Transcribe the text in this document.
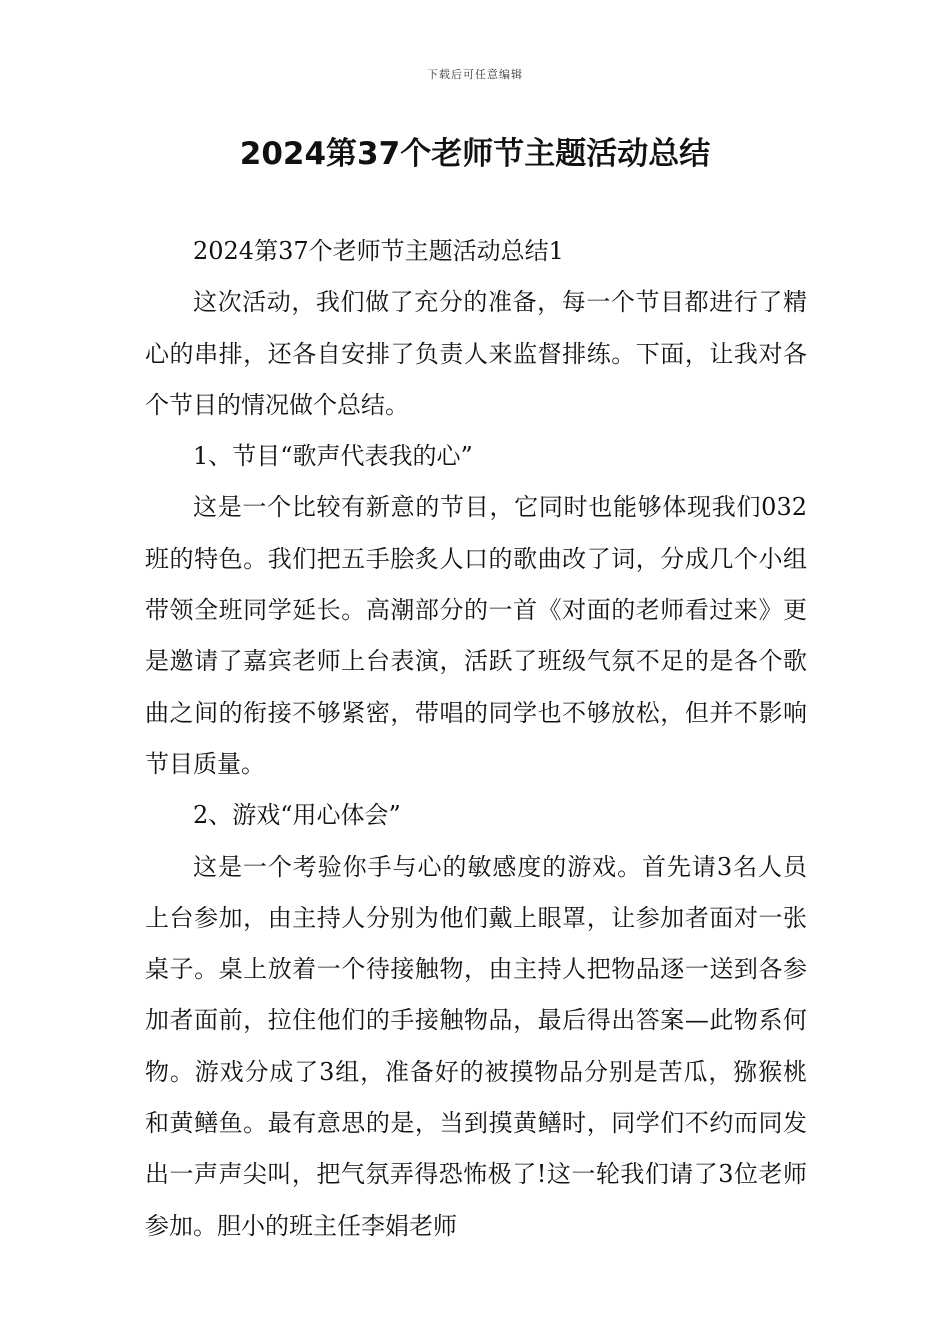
下载后可任意编辑
2024第37个老师节主题活动总结

2024第37个老师节主题活动总结1

这次活动，我们做了充分的准备，每一个节目都进行了精心的串排，还各自安排了负责人来监督排练。下面，让我对各个节目的情况做个总结。

1、节目“歌声代表我的心”

这是一个比较有新意的节目，它同时也能够体现我们032班的特色。我们把五手脍炙人口的歌曲改了词，分成几个小组带领全班同学延长。高潮部分的一首《对面的老师看过来》更是邀请了嘉宾老师上台表演，活跃了班级气氛不足的是各个歌曲之间的衔接不够紧密，带唱的同学也不够放松，但并不影响节目质量。

2、游戏“用心体会”

这是一个考验你手与心的敏感度的游戏。首先请3名人员上台参加，由主持人分别为他们戴上眼罩，让参加者面对一张桌子。桌上放着一个待接触物，由主持人把物品逐一送到各参加者面前，拉住他们的手接触物品，最后得出答案—此物系何物。游戏分成了3组，准备好的被摸物品分别是苦瓜，猕猴桃和黄鳝鱼。最有意思的是，当到摸黄鳝时，同学们不约而同发出一声声尖叫，把气氛弄得恐怖极了!这一轮我们请了3位老师参加。胆小的班主任李娟老师
